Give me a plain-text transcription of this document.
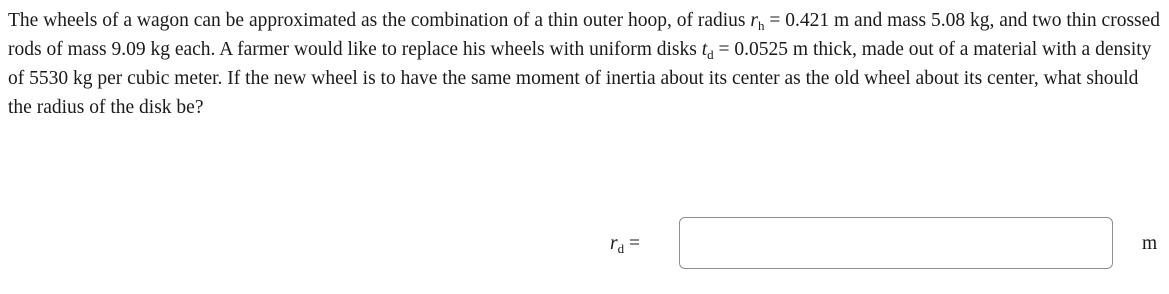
The wheels of a wagon can be approximated as the combination of a thin outer hoop, of radius $r_h = 0.421$ m and mass 5.08 kg, and two thin crossed rods of mass 9.09 kg each. A farmer would like to replace his wheels with uniform disks $t_d = 0.0525$ m thick, made out of a material with a density of 5530 kg per cubic meter. If the new wheel is to have the same moment of inertia about its center as the old wheel about its center, what should the radius of the disk be?

$r_d$ =	m
